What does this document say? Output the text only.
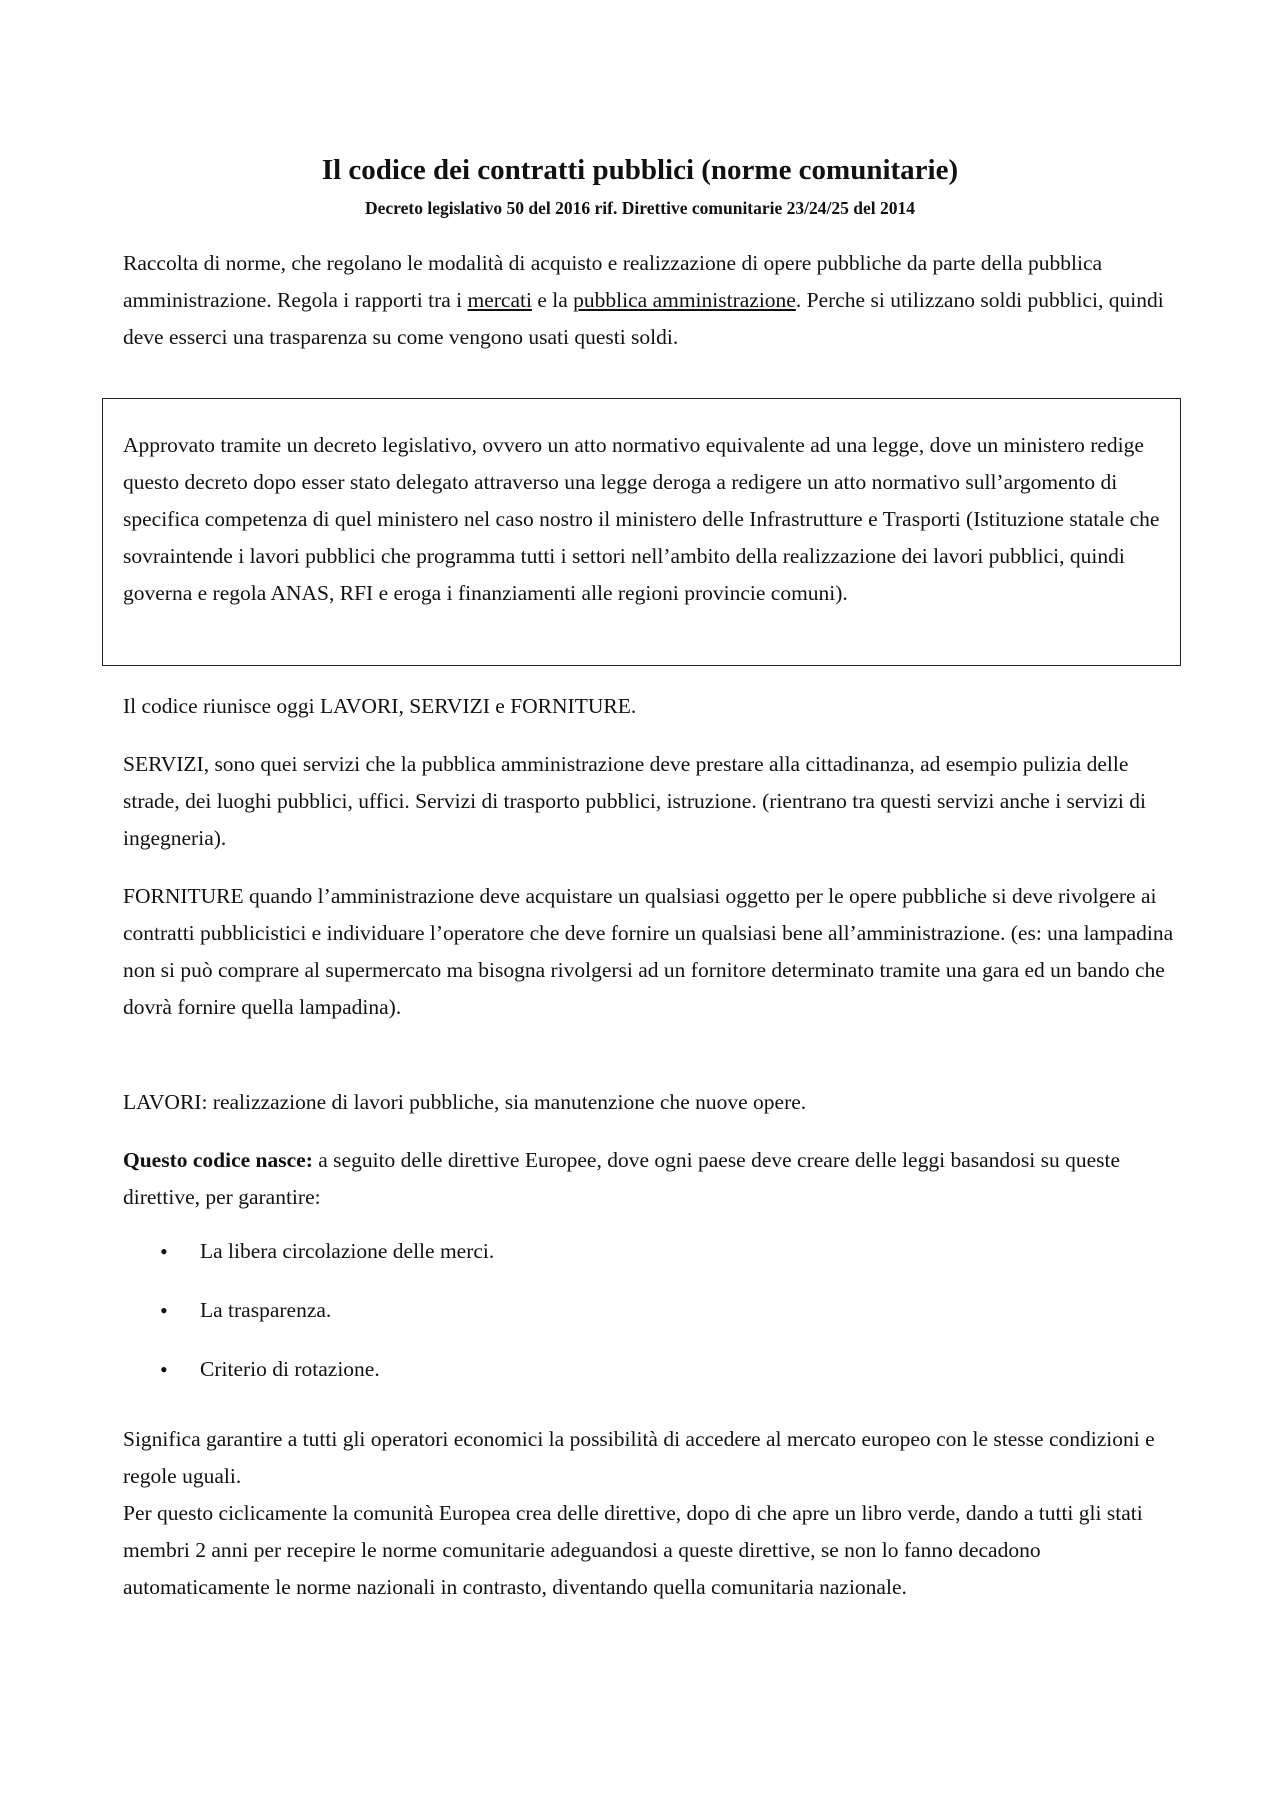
Il codice dei contratti pubblici (norme comunitarie)
Decreto legislativo 50 del 2016 rif. Direttive comunitarie 23/24/25 del 2014

Raccolta di norme, che regolano le modalità di acquisto e realizzazione di opere pubbliche da parte della pubblica amministrazione. Regola i rapporti tra i mercati e la pubblica amministrazione. Perche si utilizzano soldi pubblici, quindi deve esserci una trasparenza su come vengono usati questi soldi.

Approvato tramite un decreto legislativo, ovvero un atto normativo equivalente ad una legge, dove un ministero redige questo decreto dopo esser stato delegato attraverso una legge deroga a redigere un atto normativo sull’argomento di specifica competenza di quel ministero nel caso nostro il ministero delle Infrastrutture e Trasporti (Istituzione statale che sovraintende i lavori pubblici che programma tutti i settori nell’ambito della realizzazione dei lavori pubblici, quindi governa e regola ANAS, RFI e eroga i finanziamenti alle regioni provincie comuni).

Il codice riunisce oggi LAVORI, SERVIZI e FORNITURE.

SERVIZI, sono quei servizi che la pubblica amministrazione deve prestare alla cittadinanza, ad esempio pulizia delle strade, dei luoghi pubblici, uffici. Servizi di trasporto pubblici, istruzione. (rientrano tra questi servizi anche i servizi di ingegneria).

FORNITURE quando l’amministrazione deve acquistare un qualsiasi oggetto per le opere pubbliche si deve rivolgere ai contratti pubblicistici e individuare l’operatore che deve fornire un qualsiasi bene all’amministrazione. (es: una lampadina non si può comprare al supermercato ma bisogna rivolgersi ad un fornitore determinato tramite una gara ed un bando che dovrà fornire quella lampadina).

LAVORI: realizzazione di lavori pubbliche, sia manutenzione che nuove opere.

Questo codice nasce: a seguito delle direttive Europee, dove ogni paese deve creare delle leggi basandosi su queste direttive, per garantire:

• La libera circolazione delle merci.
• La trasparenza.
• Criterio di rotazione.

Significa garantire a tutti gli operatori economici la possibilità di accedere al mercato europeo con le stesse condizioni e regole uguali.

Per questo ciclicamente la comunità Europea crea delle direttive, dopo di che apre un libro verde, dando a tutti gli stati membri 2 anni per recepire le norme comunitarie adeguandosi a queste direttive, se non lo fanno decadono automaticamente le norme nazionali in contrasto, diventando quella comunitaria nazionale.
